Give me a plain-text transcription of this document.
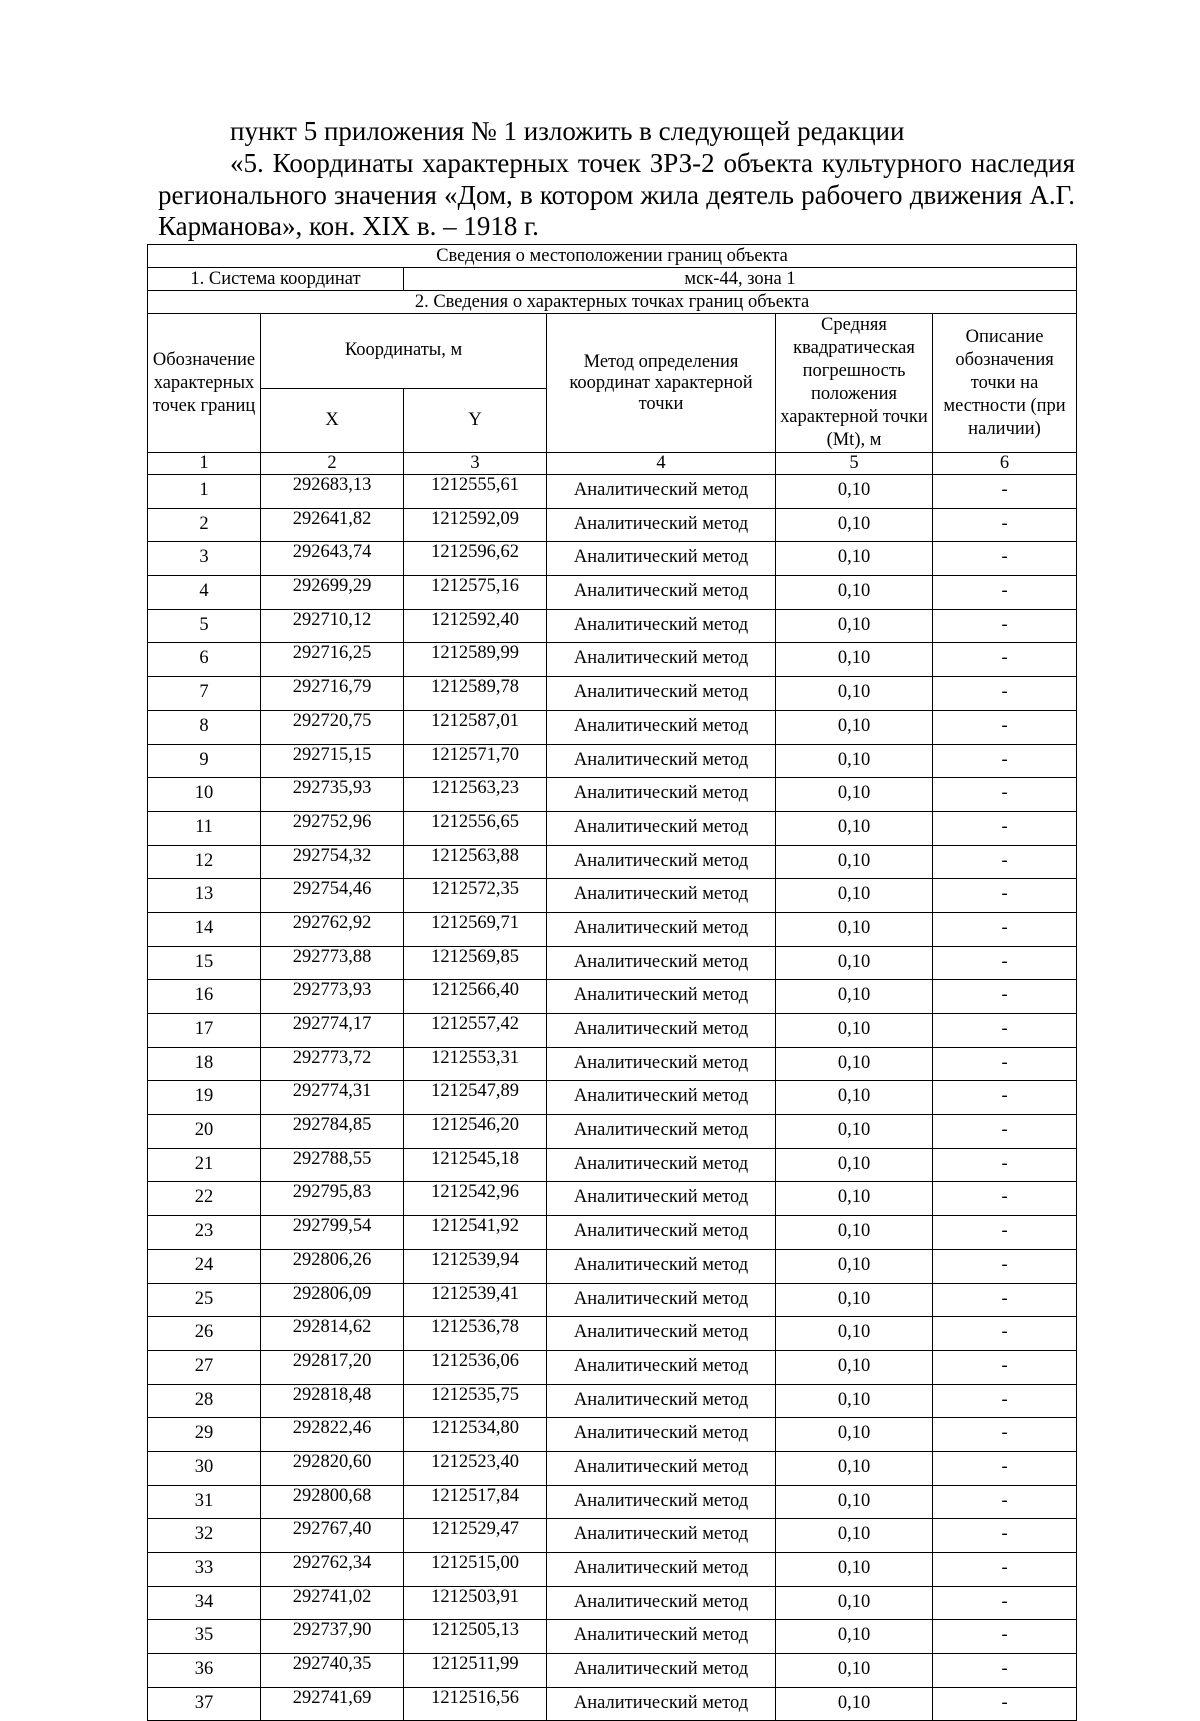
пункт 5 приложения № 1 изложить в следующей редакции

«5. Координаты характерных точек ЗРЗ-2 объекта культурного наследия регионального значения «Дом, в котором жила деятель рабочего движения А.Г. Карманова», кон. XIX в. – 1918 г.

Сведения о местоположении границ объекта					
1. Система координат		мск-44, зона 1			
2. Сведения о характерных точках границ объекта					
Обозначение характерных точек границ	Координаты, м		Метод определения координат характерной точки	Средняя квадратическая погрешность положения характерной точки (Mt), м	Описание обозначения точки на местности (при наличии)
	X	Y			
1	2	3	4	5	6
1	292683,13	1212555,61	Аналитический метод	0,10	-
2	292641,82	1212592,09	Аналитический метод	0,10	-
3	292643,74	1212596,62	Аналитический метод	0,10	-
4	292699,29	1212575,16	Аналитический метод	0,10	-
5	292710,12	1212592,40	Аналитический метод	0,10	-
6	292716,25	1212589,99	Аналитический метод	0,10	-
7	292716,79	1212589,78	Аналитический метод	0,10	-
8	292720,75	1212587,01	Аналитический метод	0,10	-
9	292715,15	1212571,70	Аналитический метод	0,10	-
10	292735,93	1212563,23	Аналитический метод	0,10	-
11	292752,96	1212556,65	Аналитический метод	0,10	-
12	292754,32	1212563,88	Аналитический метод	0,10	-
13	292754,46	1212572,35	Аналитический метод	0,10	-
14	292762,92	1212569,71	Аналитический метод	0,10	-
15	292773,88	1212569,85	Аналитический метод	0,10	-
16	292773,93	1212566,40	Аналитический метод	0,10	-
17	292774,17	1212557,42	Аналитический метод	0,10	-
18	292773,72	1212553,31	Аналитический метод	0,10	-
19	292774,31	1212547,89	Аналитический метод	0,10	-
20	292784,85	1212546,20	Аналитический метод	0,10	-
21	292788,55	1212545,18	Аналитический метод	0,10	-
22	292795,83	1212542,96	Аналитический метод	0,10	-
23	292799,54	1212541,92	Аналитический метод	0,10	-
24	292806,26	1212539,94	Аналитический метод	0,10	-
25	292806,09	1212539,41	Аналитический метод	0,10	-
26	292814,62	1212536,78	Аналитический метод	0,10	-
27	292817,20	1212536,06	Аналитический метод	0,10	-
28	292818,48	1212535,75	Аналитический метод	0,10	-
29	292822,46	1212534,80	Аналитический метод	0,10	-
30	292820,60	1212523,40	Аналитический метод	0,10	-
31	292800,68	1212517,84	Аналитический метод	0,10	-
32	292767,40	1212529,47	Аналитический метод	0,10	-
33	292762,34	1212515,00	Аналитический метод	0,10	-
34	292741,02	1212503,91	Аналитический метод	0,10	-
35	292737,90	1212505,13	Аналитический метод	0,10	-
36	292740,35	1212511,99	Аналитический метод	0,10	-
37	292741,69	1212516,56	Аналитический метод	0,10	-
